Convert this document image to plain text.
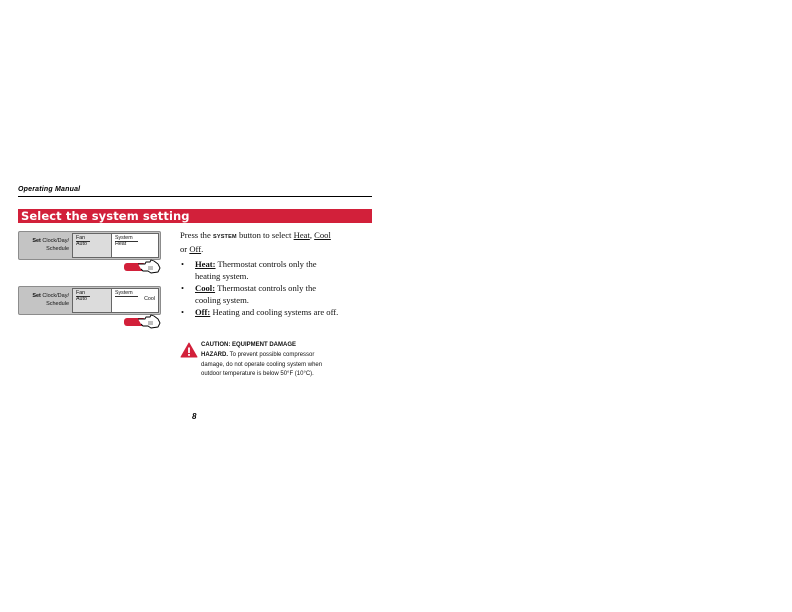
Operating Manual
Select the system setting
Set Clock/Day/
Schedule
Fan
Auto
System
Heat
Set Clock/Day/
Schedule
Fan
Auto
System
Cool
Press the SYSTEM button to select Heat, Cool
or Off.
•	Heat: Thermostat controls only the
heating system.
•	Cool: Thermostat controls only the
cooling system.
•	Off: Heating and cooling systems are off.
CAUTION: EQUIPMENT DAMAGE
HAZARD. To prevent possible compressor
damage, do not operate cooling system when
outdoor temperature is below 50°F (10°C).
8
